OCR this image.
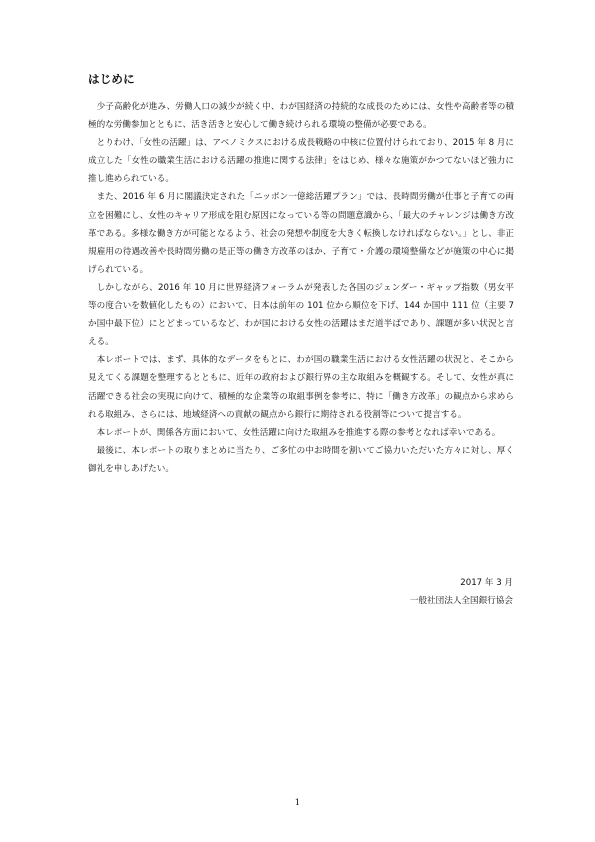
はじめに

少子高齢化が進み、労働人口の減少が続く中、わが国経済の持続的な成長のためには、女性や高齢者等の積極的な労働参加とともに、活き活きと安心して働き続けられる環境の整備が必要である。

とりわけ、「女性の活躍」は、アベノミクスにおける成長戦略の中核に位置付けられており、2015 年 8 月に成立した「女性の職業生活における活躍の推進に関する法律」をはじめ、様々な施策がかつてないほど強力に推し進められている。

また、2016 年 6 月に閣議決定された「ニッポン一億総活躍プラン」では、長時間労働が仕事と子育ての両立を困難にし、女性のキャリア形成を阻む原因になっている等の問題意識から、「最大のチャレンジは働き方改革である。多様な働き方が可能となるよう、社会の発想や制度を大きく転換しなければならない。」とし、非正規雇用の待遇改善や長時間労働の是正等の働き方改革のほか、子育て・介護の環境整備などが施策の中心に掲げられている。

しかしながら、2016 年 10 月に世界経済フォーラムが発表した各国のジェンダー・ギャップ指数（男女平等の度合いを数値化したもの）において、日本は前年の 101 位から順位を下げ、144 か国中 111 位（主要 7 か国中最下位）にとどまっているなど、わが国における女性の活躍はまだ道半ばであり、課題が多い状況と言える。

本レポートでは、まず、具体的なデータをもとに、わが国の職業生活における女性活躍の状況と、そこから見えてくる課題を整理するとともに、近年の政府および銀行界の主な取組みを概観する。そして、女性が真に活躍できる社会の実現に向けて、積極的な企業等の取組事例を参考に、特に「働き方改革」の観点から求められる取組み、さらには、地域経済への貢献の観点から銀行に期待される役割等について提言する。

本レポートが、関係各方面において、女性活躍に向けた取組みを推進する際の参考となれば幸いである。

最後に、本レポートの取りまとめに当たり、ご多忙の中お時間を割いてご協力いただいた方々に対し、厚く御礼を申しあげたい。

2017 年 3 月
一般社団法人全国銀行協会
1
